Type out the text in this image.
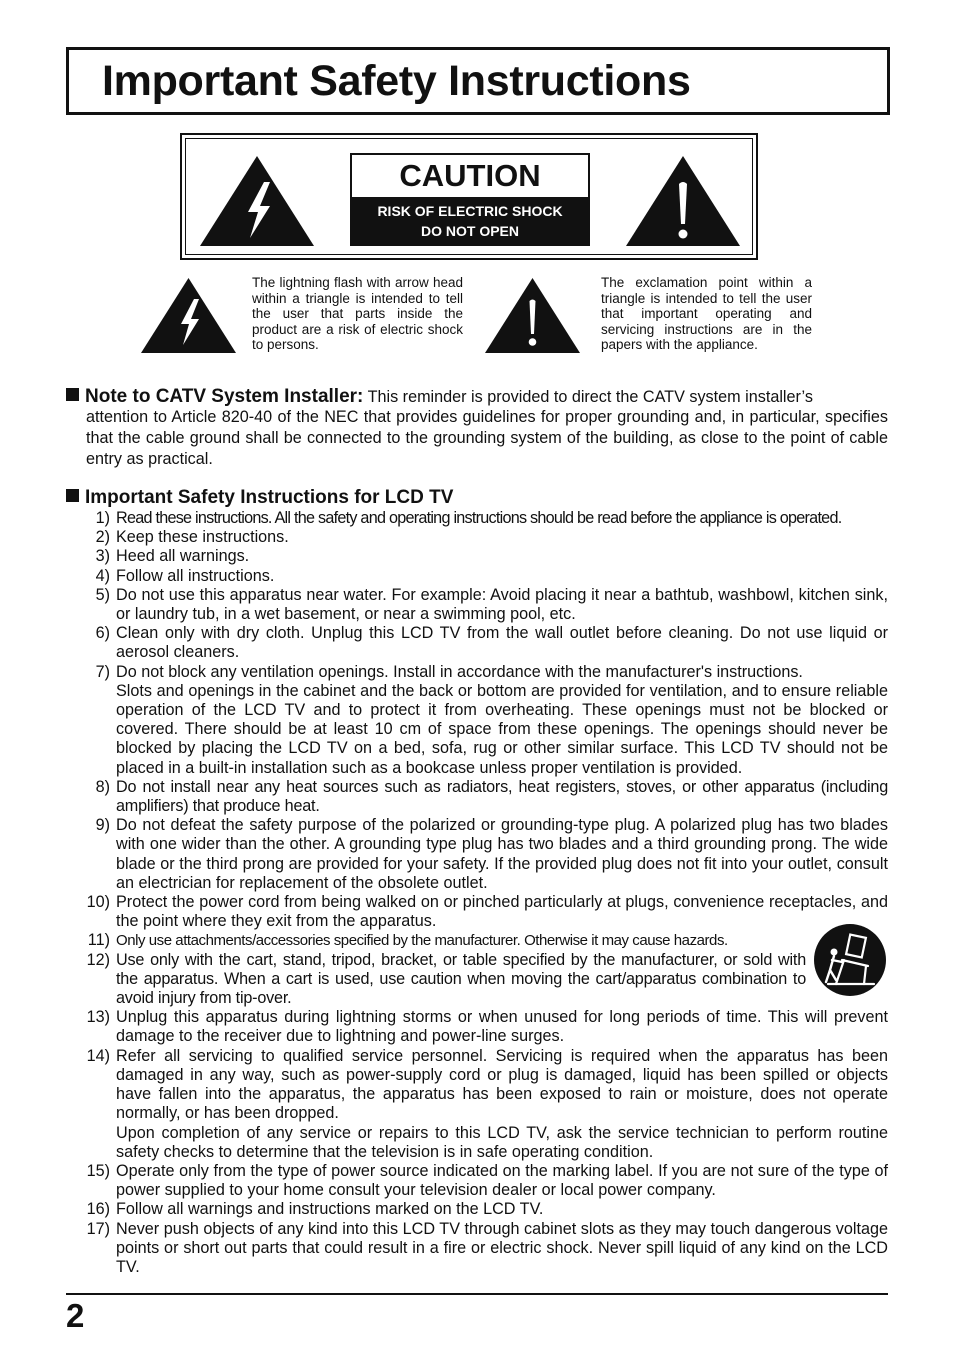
Important Safety Instructions
CAUTION
RISK OF ELECTRIC SHOCK
DO NOT OPEN
The lightning flash with arrow head within a triangle is intended to tell the user that parts inside the product are a risk of electric shock to persons.
The exclamation point within a triangle is intended to tell the user that important operating and servicing instructions are in the papers with the appliance.
Note to CATV System Installer: This reminder is provided to direct the CATV system installer’s
attention to Article 820-40 of the NEC that provides guidelines for proper grounding and, in particular, specifies that the cable ground shall be connected to the grounding system of the building, as close to the point of cable entry as practical.
Important Safety Instructions for LCD TV
1) Read these instructions. All the safety and operating instructions should be read before the appliance is operated.
2) Keep these instructions.
3) Heed all warnings.
4) Follow all instructions.
5) Do not use this apparatus near water. For example: Avoid placing it near a bathtub, washbowl, kitchen sink, or laundry tub, in a wet basement, or near a swimming pool, etc.
6) Clean only with dry cloth. Unplug this LCD TV from the wall outlet before cleaning. Do not use liquid or aerosol cleaners.
7) Do not block any ventilation openings. Install in accordance with the manufacturer's instructions.
Slots and openings in the cabinet and the back or bottom are provided for ventilation, and to ensure reliable operation of the LCD TV and to protect it from overheating. These openings must not be blocked or covered. There should be at least 10 cm of space from these openings. The openings should never be blocked by placing the LCD TV on a bed, sofa, rug or other similar surface. This LCD TV should not be placed in a built-in installation such as a bookcase unless proper ventilation is provided.
8) Do not install near any heat sources such as radiators, heat registers, stoves, or other apparatus (including amplifiers) that produce heat.
9) Do not defeat the safety purpose of the polarized or grounding-type plug. A polarized plug has two blades with one wider than the other. A grounding type plug has two blades and a third grounding prong. The wide blade or the third prong are provided for your safety. If the provided plug does not fit into your outlet, consult an electrician for replacement of the obsolete outlet.
10) Protect the power cord from being walked on or pinched particularly at plugs, convenience receptacles, and the point where they exit from the apparatus.
11) Only use attachments/accessories specified by the manufacturer. Otherwise it may cause hazards.
12) Use only with the cart, stand, tripod, bracket, or table specified by the manufacturer, or sold with the apparatus. When a cart is used, use caution when moving the cart/apparatus combination to avoid injury from tip-over.
13) Unplug this apparatus during lightning storms or when unused for long periods of time. This will prevent damage to the receiver due to lightning and power-line surges.
14) Refer all servicing to qualified service personnel. Servicing is required when the apparatus has been damaged in any way, such as power-supply cord or plug is damaged, liquid has been spilled or objects have fallen into the apparatus, the apparatus has been exposed to rain or moisture, does not operate normally, or has been dropped.
Upon completion of any service or repairs to this LCD TV, ask the service technician to perform routine safety checks to determine that the television is in safe operating condition.
15) Operate only from the type of power source indicated on the marking label. If you are not sure of the type of power supplied to your home consult your television dealer or local power company.
16) Follow all warnings and instructions marked on the LCD TV.
17) Never push objects of any kind into this LCD TV through cabinet slots as they may touch dangerous voltage points or short out parts that could result in a fire or electric shock. Never spill liquid of any kind on the LCD TV.
2
